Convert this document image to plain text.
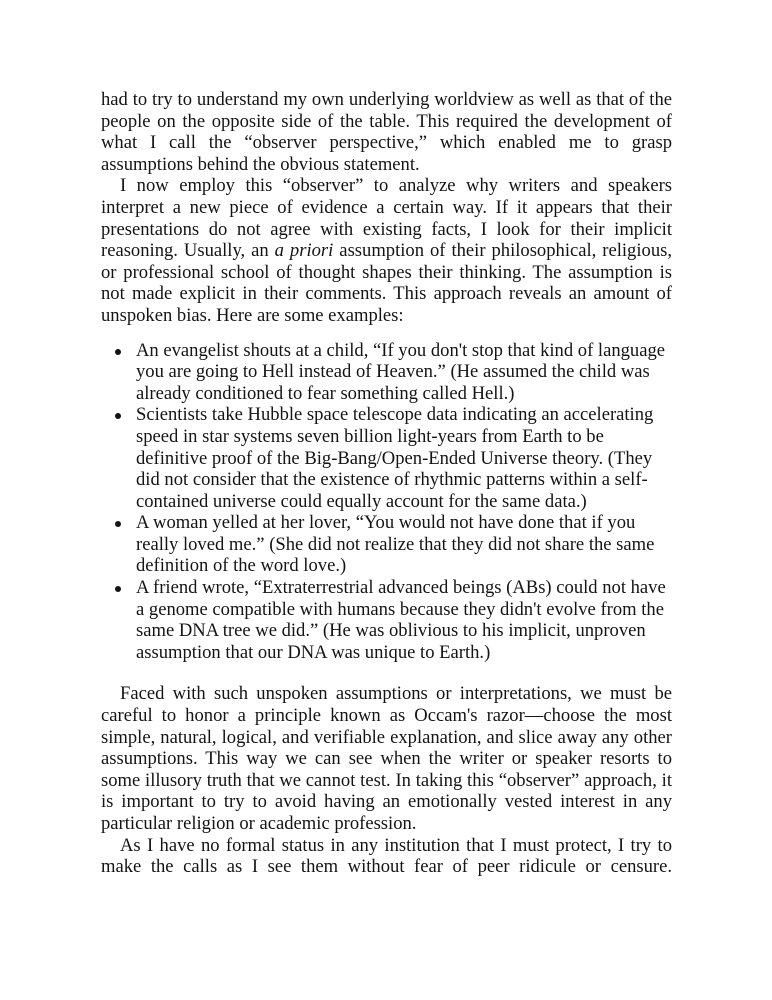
had to try to understand my own underlying worldview as well as that of the people on the opposite side of the table. This required the development of what I call the “observer perspective,” which enabled me to grasp assumptions behind the obvious statement.

I now employ this “observer” to analyze why writers and speakers interpret a new piece of evidence a certain way. If it appears that their presentations do not agree with existing facts, I look for their implicit reasoning. Usually, an a priori assumption of their philosophical, religious, or professional school of thought shapes their thinking. The assumption is not made explicit in their comments. This approach reveals an amount of unspoken bias. Here are some examples:

An evangelist shouts at a child, “If you don't stop that kind of language you are going to Hell instead of Heaven.” (He assumed the child was already conditioned to fear something called Hell.)
Scientists take Hubble space telescope data indicating an accelerating speed in star systems seven billion light-years from Earth to be definitive proof of the Big-Bang/Open-Ended Universe theory. (They did not consider that the existence of rhythmic patterns within a self-contained universe could equally account for the same data.)
A woman yelled at her lover, “You would not have done that if you really loved me.” (She did not realize that they did not share the same definition of the word love.)
A friend wrote, “Extraterrestrial advanced beings (ABs) could not have a genome compatible with humans because they didn't evolve from the same DNA tree we did.” (He was oblivious to his implicit, unproven assumption that our DNA was unique to Earth.)

Faced with such unspoken assumptions or interpretations, we must be careful to honor a principle known as Occam's razor—choose the most simple, natural, logical, and verifiable explanation, and slice away any other assumptions. This way we can see when the writer or speaker resorts to some illusory truth that we cannot test. In taking this “observer” approach, it is important to try to avoid having an emotionally vested interest in any particular religion or academic profession.

As I have no formal status in any institution that I must protect, I try to make the calls as I see them without fear of peer ridicule or censure.
